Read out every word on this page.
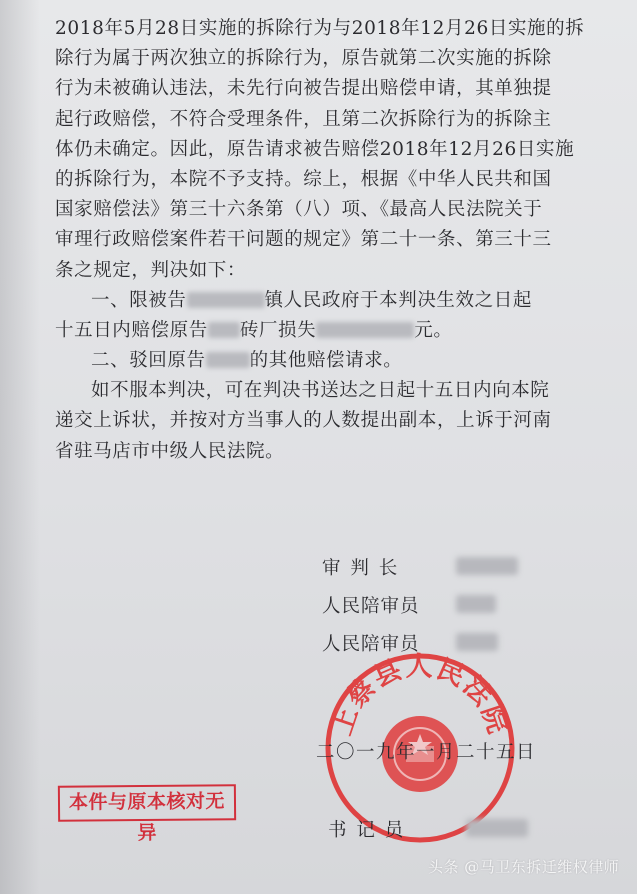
2018年5月28日实施的拆除行为与2018年12月26日实施的拆
除行为属于两次独立的拆除行为，原告就第二次实施的拆除
行为未被确认违法，未先行向被告提出赔偿申请，其单独提
起行政赔偿，不符合受理条件，且第二次拆除行为的拆除主
体仍未确定。因此，原告请求被告赔偿2018年12月26日实施
的拆除行为，本院不予支持。综上，根据《中华人民共和国
国家赔偿法》第三十六条第（八）项、《最高人民法院关于
审理行政赔偿案件若干问题的规定》第二十一条、第三十三
条之规定，判决如下：
一、限被告	镇人民政府于本判决生效之日起
十五日内赔偿原告 砖厂损失	元。
二、驳回原告 的其他赔偿请求。
如不服本判决，可在判决书送达之日起十五日内向本院
递交上诉状，并按对方当事人的人数提出副本，上诉于河南
省驻马店市中级人民法院。
审 判 长
人民陪审员
人民陪审员
上蔡县人民法院
二〇一九年一月二十五日
书 记 员
本件与原本核对无异
头条 @马卫东拆迁维权律师
